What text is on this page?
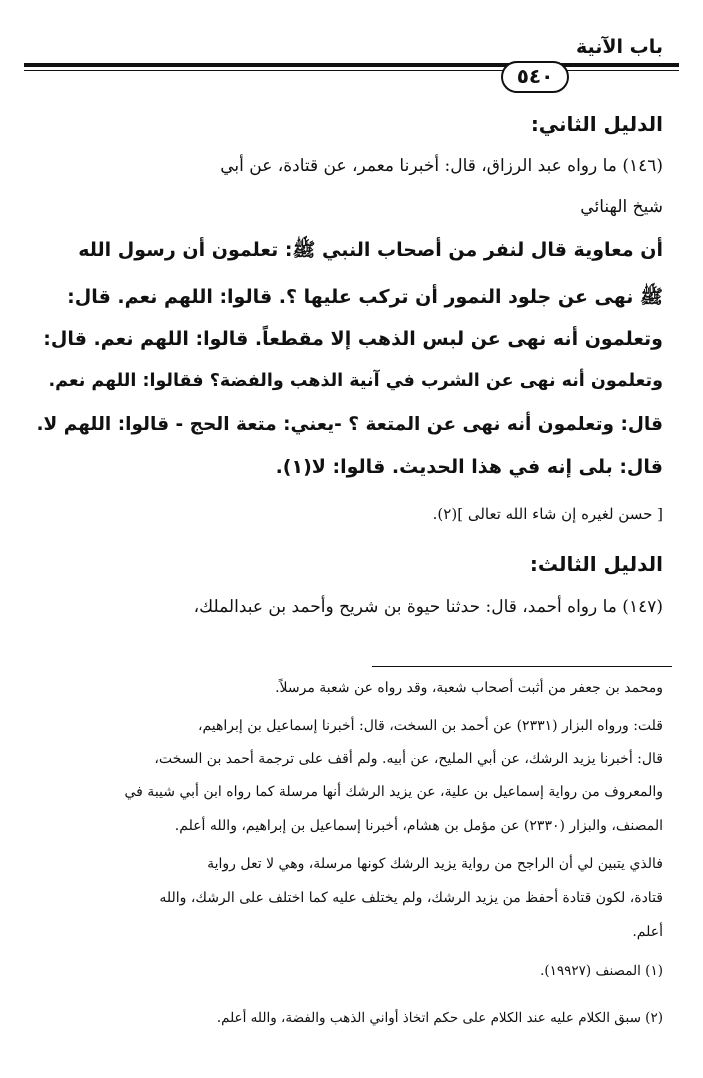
باب الآنية
٥٤٠
الدليل الثاني:
(١٤٦) ما رواه عبد الرزاق، قال: أخبرنا معمر، عن قتادة، عن أبي
شيخ الهنائي
أن معاوية قال لنفر من أصحاب النبي ﷺ: تعلمون أن رسول الله
ﷺ نهى عن جلود النمور أن تركب عليها ؟. قالوا: اللهم نعم. قال:
وتعلمون أنه نهى عن لبس الذهب إلا مقطعاً. قالوا: اللهم نعم. قال:
وتعلمون أنه نهى عن الشرب في آنية الذهب والفضة؟ فقالوا: اللهم نعم.
قال: وتعلمون أنه نهى عن المتعة ؟ -يعني: متعة الحج - قالوا: اللهم لا.
قال: بلى إنه في هذا الحديث. قالوا: لا(١).
[ حسن لغيره إن شاء الله تعالى ](٢).
الدليل الثالث:
(١٤٧) ما رواه أحمد، قال: حدثنا حيوة بن شريح وأحمد بن عبدالملك،
ومحمد بن جعفر من أثبت أصحاب شعبة، وقد رواه عن شعبة مرسلاً.
قلت: ورواه البزار (٢٣٣١) عن أحمد بن السخت، قال: أخبرنا إسماعيل بن إبراهيم،
قال: أخبرنا يزيد الرشك، عن أبي المليح، عن أبيه. ولم أقف على ترجمة أحمد بن السخت،
والمعروف من رواية إسماعيل بن علية، عن يزيد الرشك أنها مرسلة كما رواه ابن أبي شيبة في
المصنف، والبزار (٢٣٣٠) عن مؤمل بن هشام، أخبرنا إسماعيل بن إبراهيم، والله أعلم.
فالذي يتبين لي أن الراجح من رواية يزيد الرشك كونها مرسلة، وهي لا تعل رواية
قتادة، لكون قتادة أحفظ من يزيد الرشك، ولم يختلف عليه كما اختلف على الرشك، والله
أعلم.
(١) المصنف (١٩٩٢٧).
(٢) سبق الكلام عليه عند الكلام على حكم اتخاذ أواني الذهب والفضة، والله أعلم.
